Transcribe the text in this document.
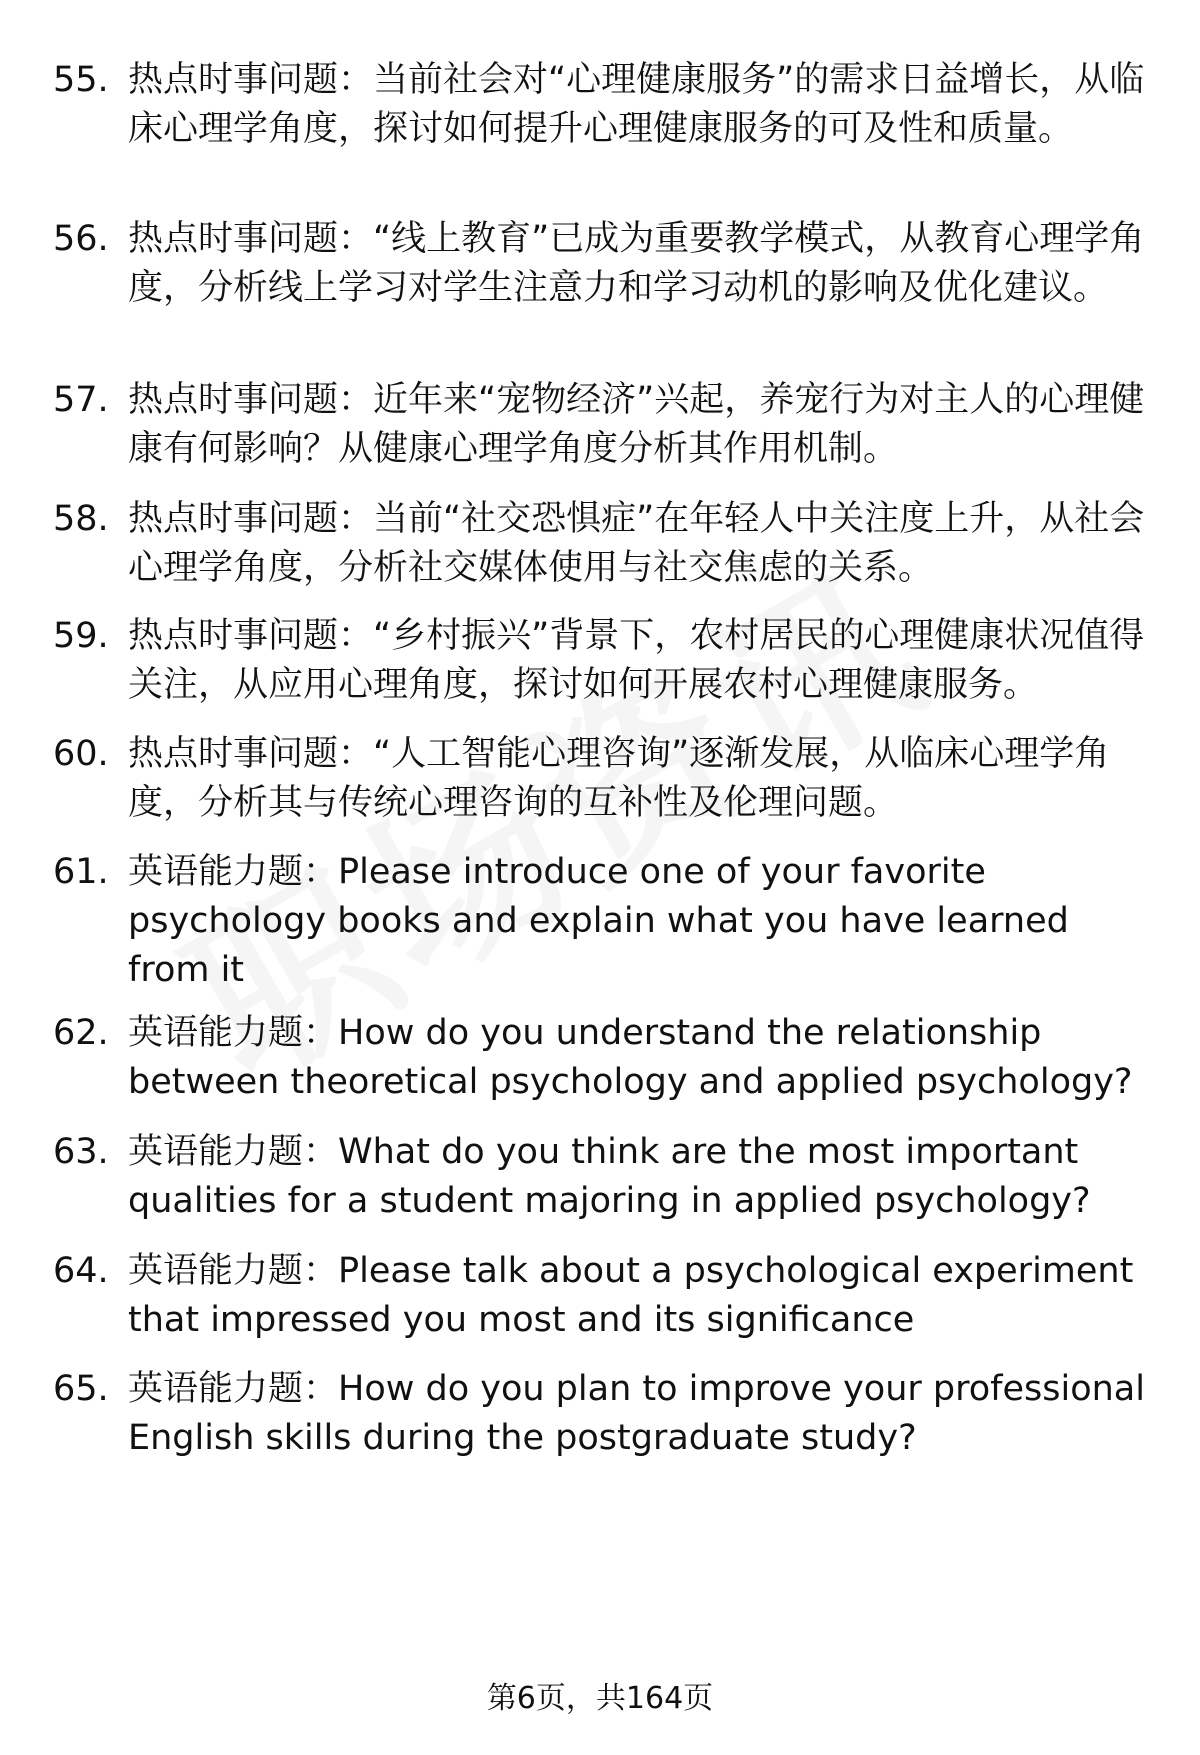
55. 热点时事问题：当前社会对“心理健康服务”的需求日益增长，从临床心理学角度，探讨如何提升心理健康服务的可及性和质量。
56. 热点时事问题：“线上教育”已成为重要教学模式，从教育心理学角度，分析线上学习对学生注意力和学习动机的影响及优化建议。
57. 热点时事问题：近年来“宠物经济”兴起，养宠行为对主人的心理健康有何影响？从健康心理学角度分析其作用机制。
58. 热点时事问题：当前“社交恐惧症”在年轻人中关注度上升，从社会心理学角度，分析社交媒体使用与社交焦虑的关系。
59. 热点时事问题：“乡村振兴”背景下，农村居民的心理健康状况值得关注，从应用心理角度，探讨如何开展农村心理健康服务。
60. 热点时事问题：“人工智能心理咨询”逐渐发展，从临床心理学角度，分析其与传统心理咨询的互补性及伦理问题。
61. 英语能力题：Please introduce one of your favorite psychology books and explain what you have learned from it
62. 英语能力题：How do you understand the relationship between theoretical psychology and applied psychology?
63. 英语能力题：What do you think are the most important qualities for a student majoring in applied psychology?
64. 英语能力题：Please talk about a psychological experiment that impressed you most and its significance
65. 英语能力题：How do you plan to improve your professional English skills during the postgraduate study?
第6页，共164页
